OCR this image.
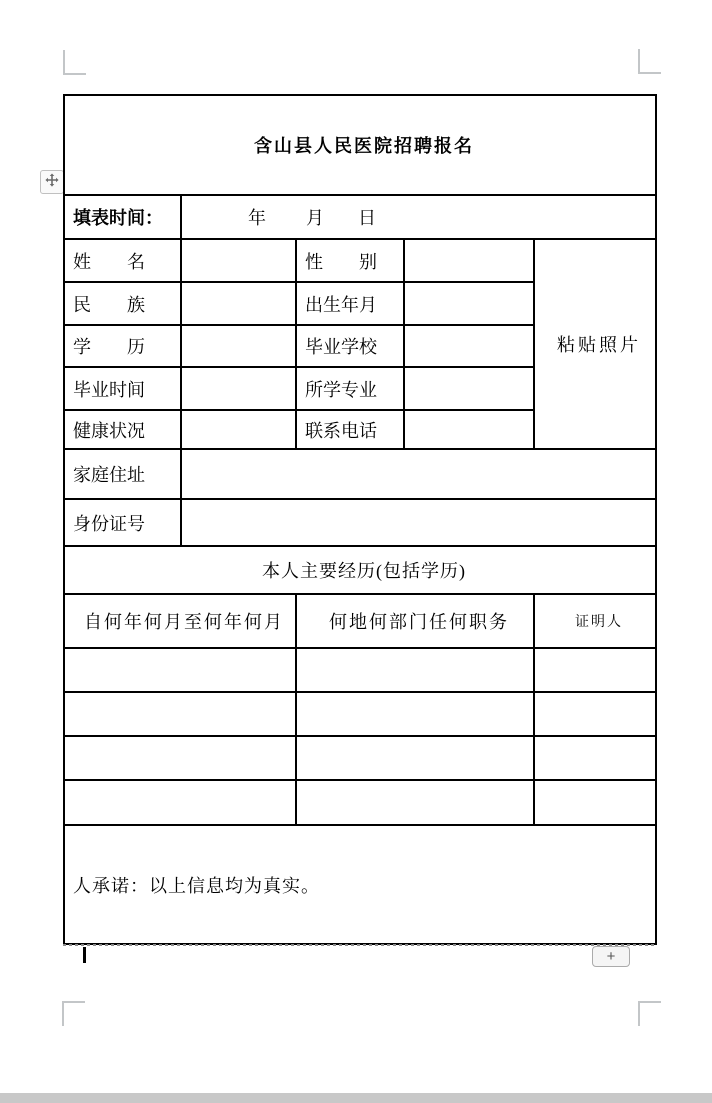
含山县人民医院招聘报名				
填表时间：	年 月 日			
姓　　名		性　　别		粘贴照片
民　　族		出生年月		
学　　历		毕业学校		
毕业时间		所学专业		
健康状况		联系电话		
家庭住址				
身份证号				
本人主要经历(包括学历)				
自何年何月至何年何月		何地何部门任何职务		证明人

人承诺：以上信息均为真实。				
+
